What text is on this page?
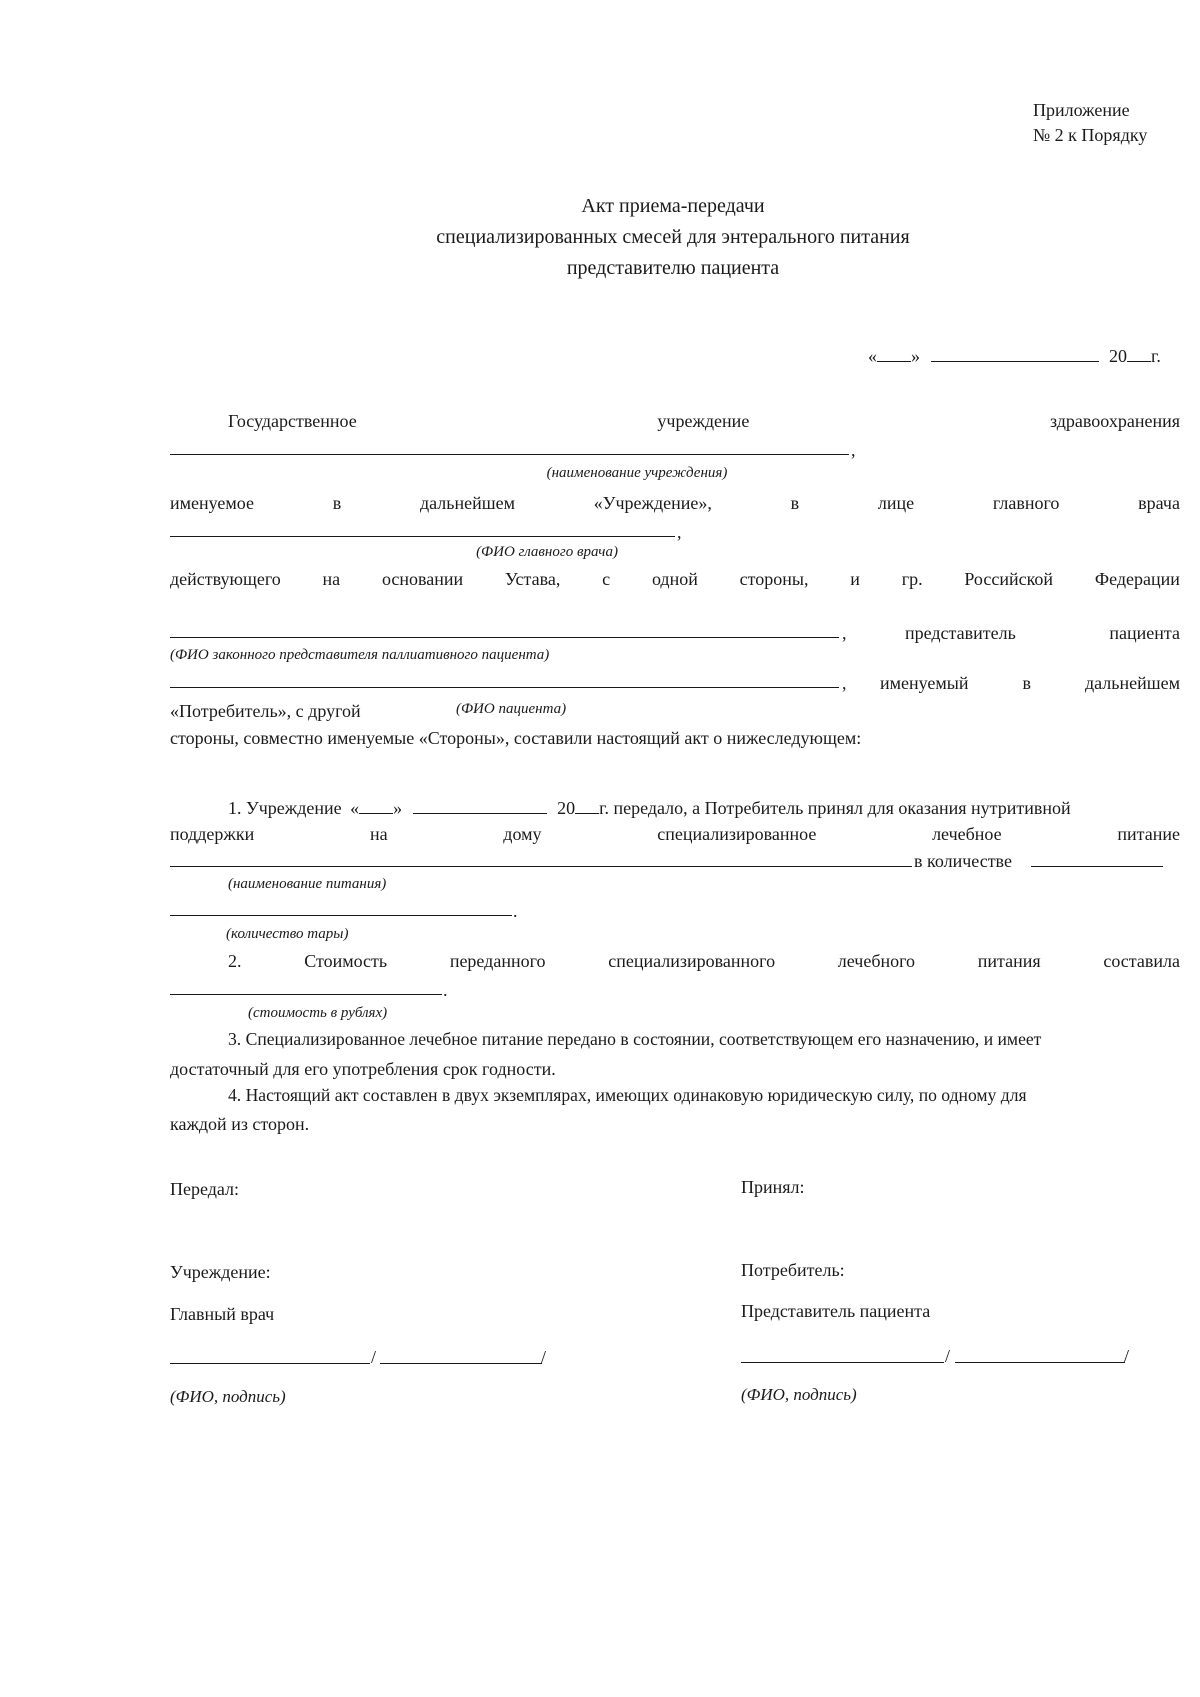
Приложение
№ 2 к Порядку
Акт приема-передачи
специализированных смесей для энтерального питания
представителю пациента
« »	20 г.
Государственное	учреждение	здравоохранения
,
(наименование учреждения)
именуемое	в	дальнейшем	«Учреждение»,	в	лице	главного	врача
,
(ФИО главного врача)
действующего на основании Устава, с одной стороны, и гр. Российской Федерации
,	представитель	пациента
(ФИО законного представителя паллиативного пациента)
, именуемый	в	дальнейшем
«Потребитель», с другой	(ФИО пациента)
стороны, совместно именуемые «Стороны», составили настоящий акт о нижеследующем:
1. Учреждение « »	20 г. передало, а Потребитель принял для оказания нутритивной
поддержки	на	дому	специализированное	лечебное	питание
в количестве
(наименование питания)
.
(количество тары)
2.	Стоимость	переданного	специализированного	лечебного	питания	составила
.
(стоимость в рублях)
3. Специализированное лечебное питание передано в состоянии, соответствующем его назначению, и имеет
достаточный для его употребления срок годности.
4. Настоящий акт составлен в двух экземплярах, имеющих одинаковую юридическую силу, по одному для
каждой из сторон.
Передал:
Учреждение:
Главный врач
/	/
(ФИО, подпись)
Принял:
Потребитель:
Представитель пациента
/	/
(ФИО, подпись)
